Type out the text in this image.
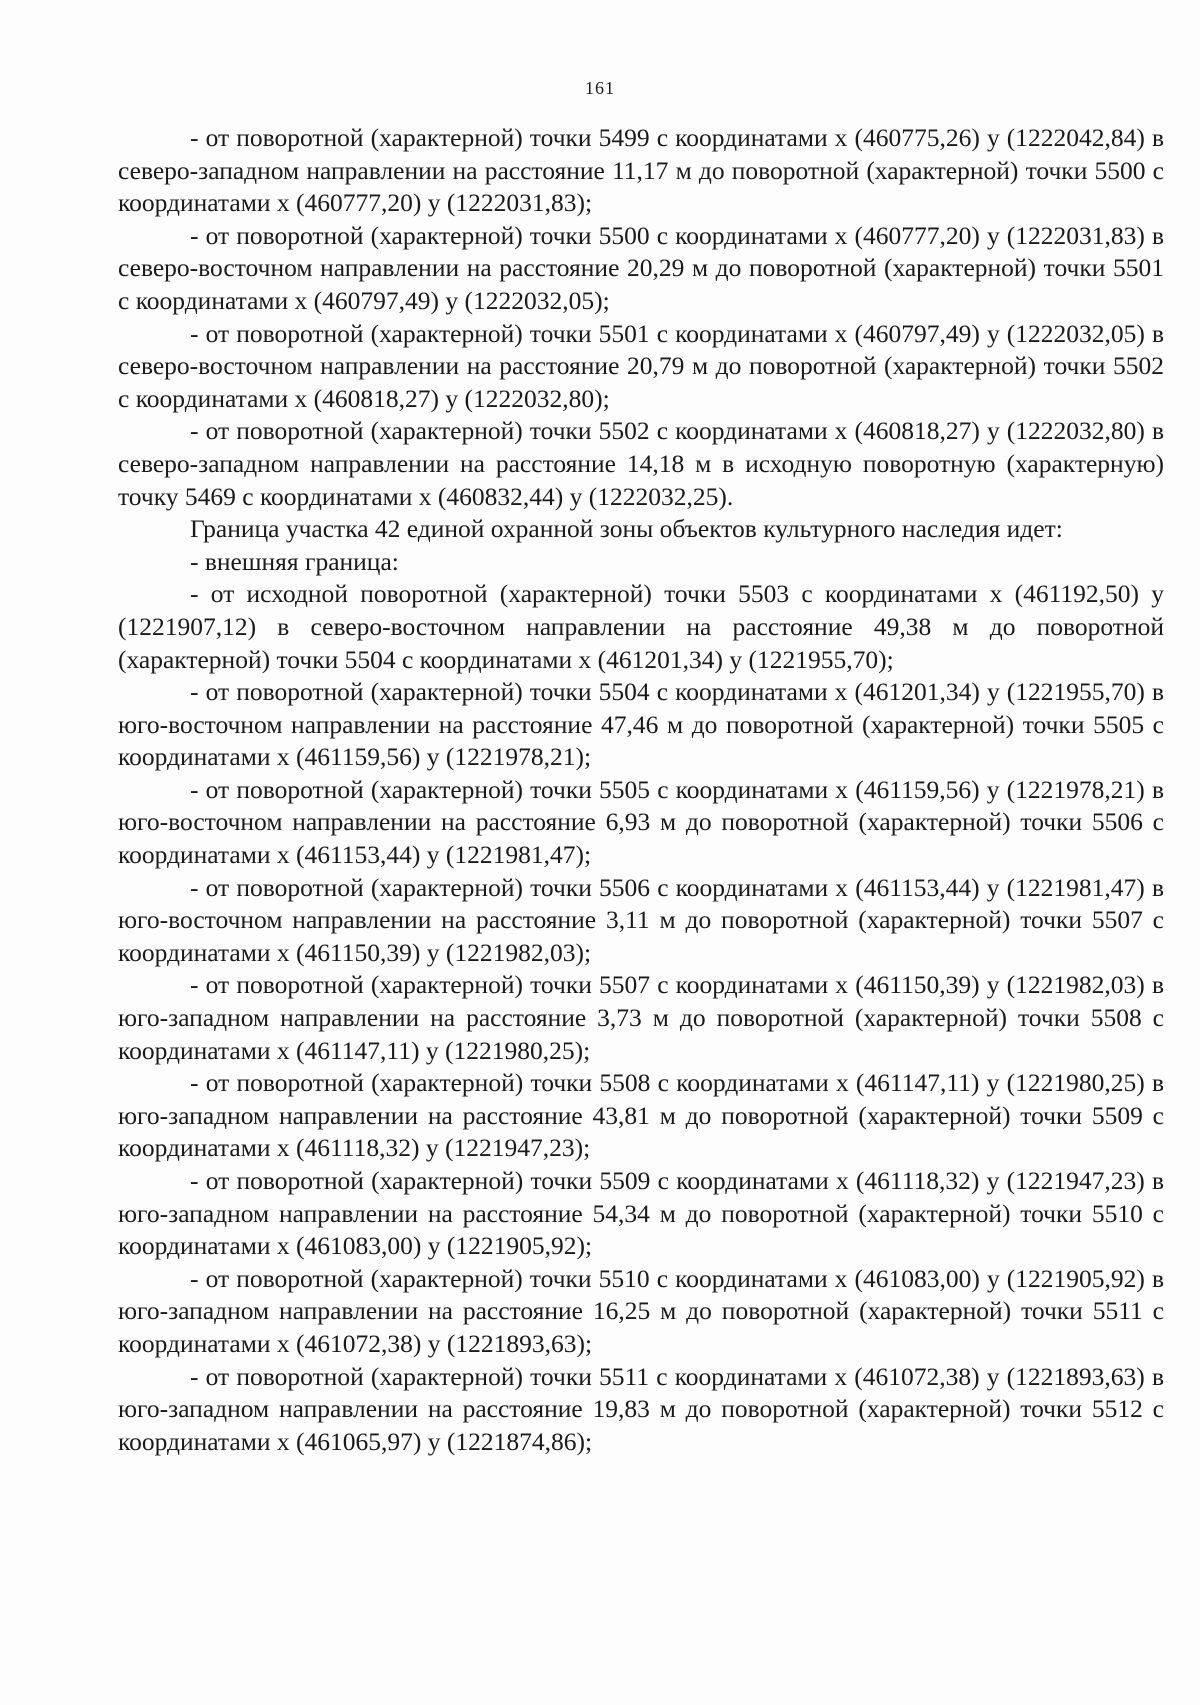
161

- от поворотной (характерной) точки 5499 с координатами x (460775,26) y (1222042,84) в северо-западном направлении на расстояние 11,17 м до поворотной (характерной) точки 5500 с координатами x (460777,20) y (1222031,83);

- от поворотной (характерной) точки 5500 с координатами x (460777,20) y (1222031,83) в северо-восточном направлении на расстояние 20,29 м до поворотной (характерной) точки 5501 с координатами x (460797,49) y (1222032,05);

- от поворотной (характерной) точки 5501 с координатами x (460797,49) y (1222032,05) в северо-восточном направлении на расстояние 20,79 м до поворотной (характерной) точки 5502 с координатами x (460818,27) y (1222032,80);

- от поворотной (характерной) точки 5502 с координатами x (460818,27) y (1222032,80) в северо-западном направлении на расстояние 14,18 м в исходную поворотную (характерную) точку 5469 с координатами x (460832,44) y (1222032,25).

Граница участка 42 единой охранной зоны объектов культурного наследия идет:

- внешняя граница:

- от исходной поворотной (характерной) точки 5503 с координатами x (461192,50) y (1221907,12) в северо-восточном направлении на расстояние 49,38 м до поворотной (характерной) точки 5504 с координатами x (461201,34) y (1221955,70);

- от поворотной (характерной) точки 5504 с координатами x (461201,34) y (1221955,70) в юго-восточном направлении на расстояние 47,46 м до поворотной (характерной) точки 5505 с координатами x (461159,56) y (1221978,21);

- от поворотной (характерной) точки 5505 с координатами x (461159,56) y (1221978,21) в юго-восточном направлении на расстояние 6,93 м до поворотной (характерной) точки 5506 с координатами x (461153,44) y (1221981,47);

- от поворотной (характерной) точки 5506 с координатами x (461153,44) y (1221981,47) в юго-восточном направлении на расстояние 3,11 м до поворотной (характерной) точки 5507 с координатами x (461150,39) y (1221982,03);

- от поворотной (характерной) точки 5507 с координатами x (461150,39) y (1221982,03) в юго-западном направлении на расстояние 3,73 м до поворотной (характерной) точки 5508 с координатами x (461147,11) y (1221980,25);

- от поворотной (характерной) точки 5508 с координатами x (461147,11) y (1221980,25) в юго-западном направлении на расстояние 43,81 м до поворотной (характерной) точки 5509 с координатами x (461118,32) y (1221947,23);

- от поворотной (характерной) точки 5509 с координатами x (461118,32) y (1221947,23) в юго-западном направлении на расстояние 54,34 м до поворотной (характерной) точки 5510 с координатами x (461083,00) y (1221905,92);

- от поворотной (характерной) точки 5510 с координатами x (461083,00) y (1221905,92) в юго-западном направлении на расстояние 16,25 м до поворотной (характерной) точки 5511 с координатами x (461072,38) y (1221893,63);

- от поворотной (характерной) точки 5511 с координатами x (461072,38) y (1221893,63) в юго-западном направлении на расстояние 19,83 м до поворотной (характерной) точки 5512 с координатами x (461065,97) y (1221874,86);
